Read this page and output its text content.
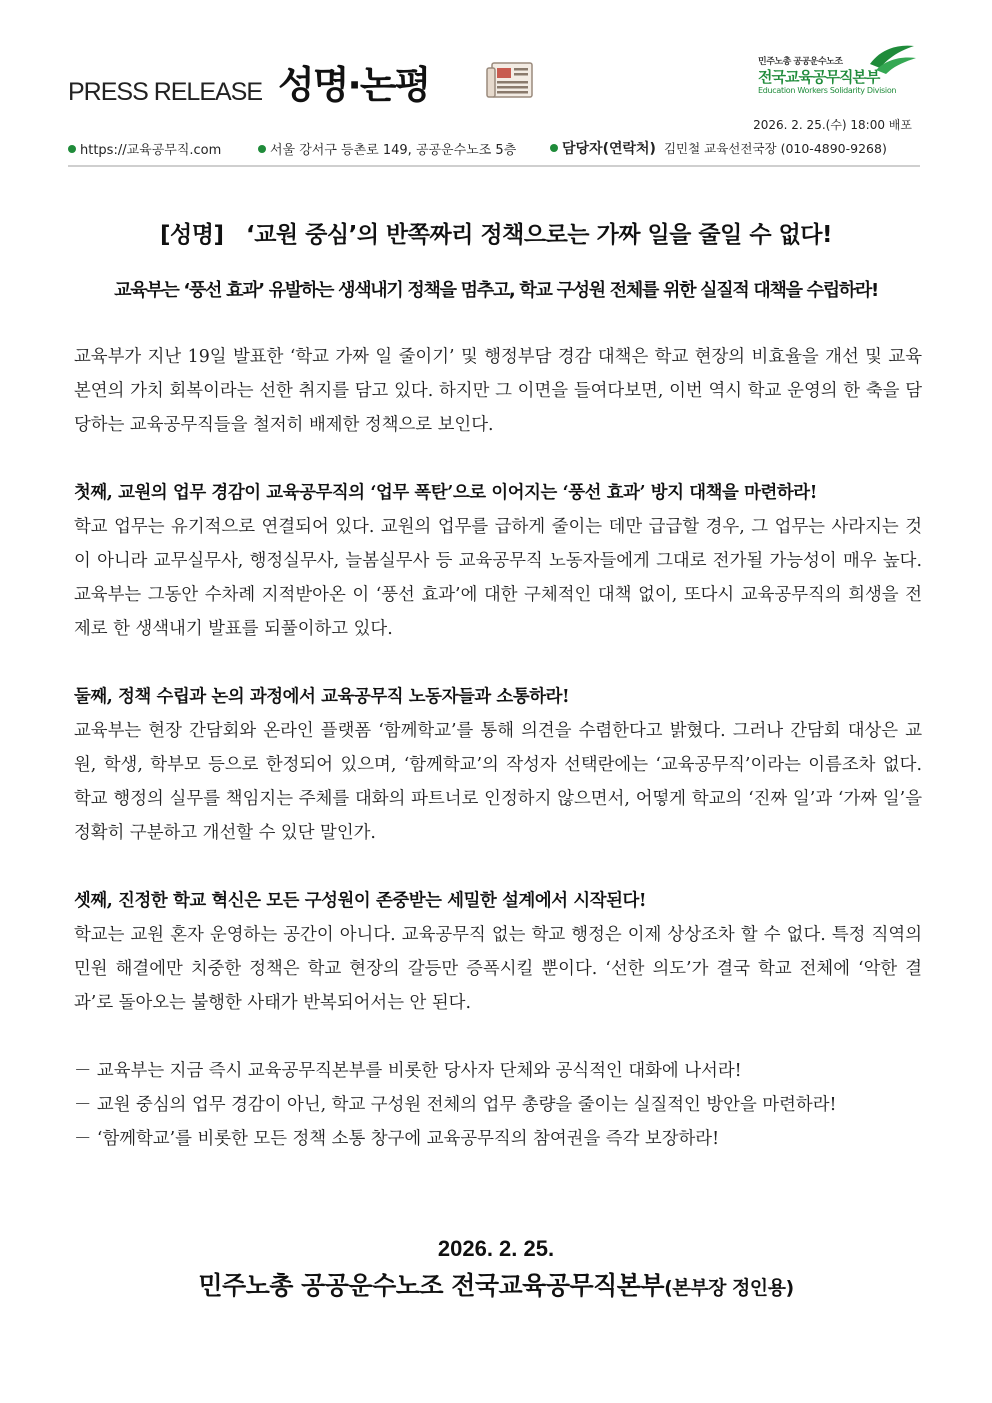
PRESS RELEASE 성명·논평
민주노총 공공운수노조
전국교육공무직본부
Education Workers Solidarity Division
2026. 2. 25.(수) 18:00 배포
https://교육공무직.com	서울 강서구 등촌로 149, 공공운수노조 5층	담당자(연락처) 김민철 교육선전국장 (010-4890-9268)
[성명]　‘교원 중심’의 반쪽짜리 정책으로는 가짜 일을 줄일 수 없다!
교육부는 ‘풍선 효과’ 유발하는 생색내기 정책을 멈추고, 학교 구성원 전체를 위한 실질적 대책을 수립하라!

교육부가 지난 19일 발표한 ‘학교 가짜 일 줄이기’ 및 행정부담 경감 대책은 학교 현장의 비효율을 개선 및 교육 본연의 가치 회복이라는 선한 취지를 담고 있다. 하지만 그 이면을 들여다보면, 이번 역시 학교 운영의 한 축을 담당하는 교육공무직들을 철저히 배제한 정책으로 보인다.

첫째, 교원의 업무 경감이 교육공무직의 ‘업무 폭탄’으로 이어지는 ‘풍선 효과’ 방지 대책을 마련하라!

학교 업무는 유기적으로 연결되어 있다. 교원의 업무를 급하게 줄이는 데만 급급할 경우, 그 업무는 사라지는 것이 아니라 교무실무사, 행정실무사, 늘봄실무사 등 교육공무직 노동자들에게 그대로 전가될 가능성이 매우 높다. 교육부는 그동안 수차례 지적받아온 이 ‘풍선 효과’에 대한 구체적인 대책 없이, 또다시 교육공무직의 희생을 전제로 한 생색내기 발표를 되풀이하고 있다.

둘째, 정책 수립과 논의 과정에서 교육공무직 노동자들과 소통하라!

교육부는 현장 간담회와 온라인 플랫폼 ‘함께학교’를 통해 의견을 수렴한다고 밝혔다. 그러나 간담회 대상은 교원, 학생, 학부모 등으로 한정되어 있으며, ‘함께학교’의 작성자 선택란에는 ‘교육공무직’이라는 이름조차 없다. 학교 행정의 실무를 책임지는 주체를 대화의 파트너로 인정하지 않으면서, 어떻게 학교의 ‘진짜 일’과 ‘가짜 일’을 정확히 구분하고 개선할 수 있단 말인가.

셋째, 진정한 학교 혁신은 모든 구성원이 존중받는 세밀한 설계에서 시작된다!

학교는 교원 혼자 운영하는 공간이 아니다. 교육공무직 없는 학교 행정은 이제 상상조차 할 수 없다. 특정 직역의 민원 해결에만 치중한 정책은 학교 현장의 갈등만 증폭시킬 뿐이다. ‘선한 의도’가 결국 학교 전체에 ‘악한 결과’로 돌아오는 불행한 사태가 반복되어서는 안 된다.

－ 교육부는 지금 즉시 교육공무직본부를 비롯한 당사자 단체와 공식적인 대화에 나서라!
－ 교원 중심의 업무 경감이 아닌, 학교 구성원 전체의 업무 총량을 줄이는 실질적인 방안을 마련하라!
－ ‘함께학교’를 비롯한 모든 정책 소통 창구에 교육공무직의 참여권을 즉각 보장하라!
2026. 2. 25.
민주노총 공공운수노조 전국교육공무직본부(본부장 정인용)
